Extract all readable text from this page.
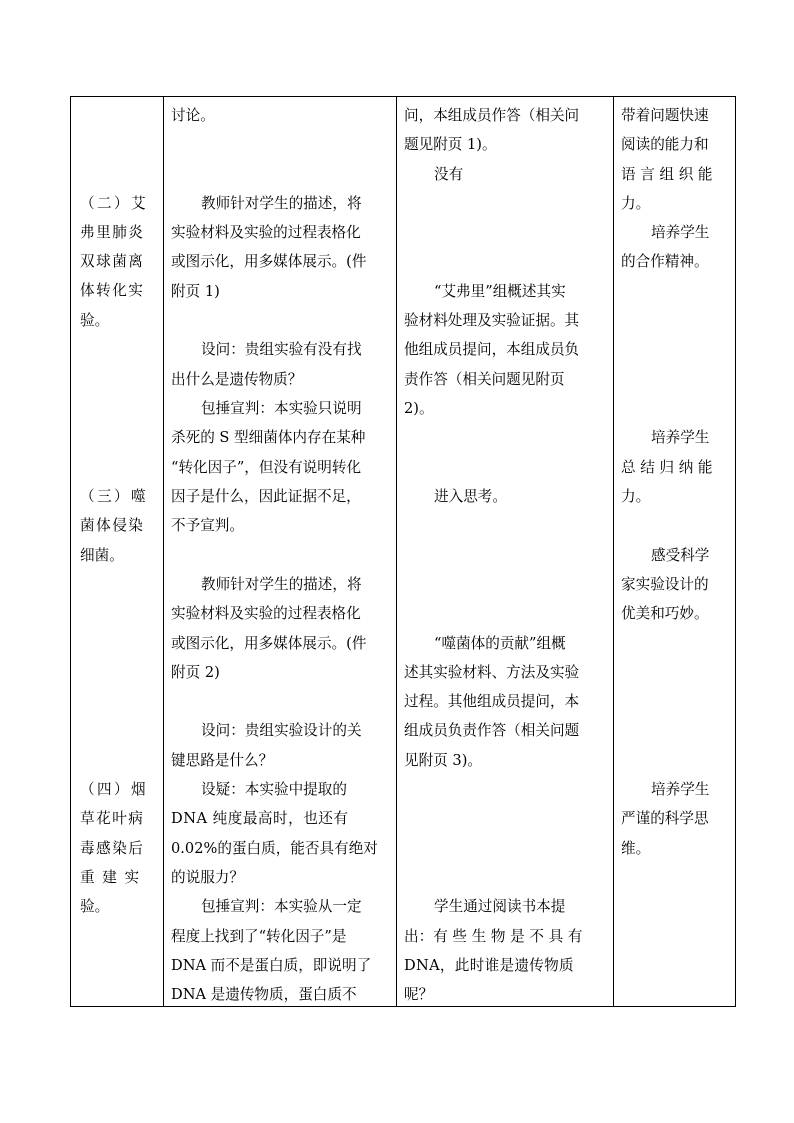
（二）艾
弗里肺炎
双球菌离
体转化实
验。
（三）噬
菌体侵染
细菌。
（四）烟
草花叶病
毒感染后
重 建 实
验。
讨论。
教师针对学生的描述，将
实验材料及实验的过程表格化
或图示化，用多媒体展示。(件
附页 1)
设问：贵组实验有没有找
出什么是遗传物质？
包捶宣判：本实验只说明
杀死的 S 型细菌体内存在某种
“转化因子”，但没有说明转化
因子是什么，因此证据不足，
不予宣判。
教师针对学生的描述，将
实验材料及实验的过程表格化
或图示化，用多媒体展示。(件
附页 2)
设问：贵组实验设计的关
键思路是什么？
设疑：本实验中提取的
DNA 纯度最高时，也还有
0.02%的蛋白质，能否具有绝对
的说服力？
包捶宣判：本实验从一定
程度上找到了“转化因子”是
DNA 而不是蛋白质，即说明了
DNA 是遗传物质，蛋白质不
问，本组成员作答（相关问
题见附页 1)。
没有
“艾弗里”组概述其实
验材料处理及实验证据。其
他组成员提问，本组成员负
责作答（相关问题见附页
2)。
进入思考。
“噬菌体的贡献”组概
述其实验材料、方法及实验
过程。其他组成员提问，本
组成员负责作答（相关问题
见附页 3)。
学生通过阅读书本提
出：有 些 生 物 是 不 具 有
DNA，此时谁是遗传物质
呢？
带着问题快速
阅读的能力和
语 言 组 织 能
力。
培养学生
的合作精神。
培养学生
总 结 归 纳 能
力。
感受科学
家实验设计的
优美和巧妙。
培养学生
严谨的科学思
维。
